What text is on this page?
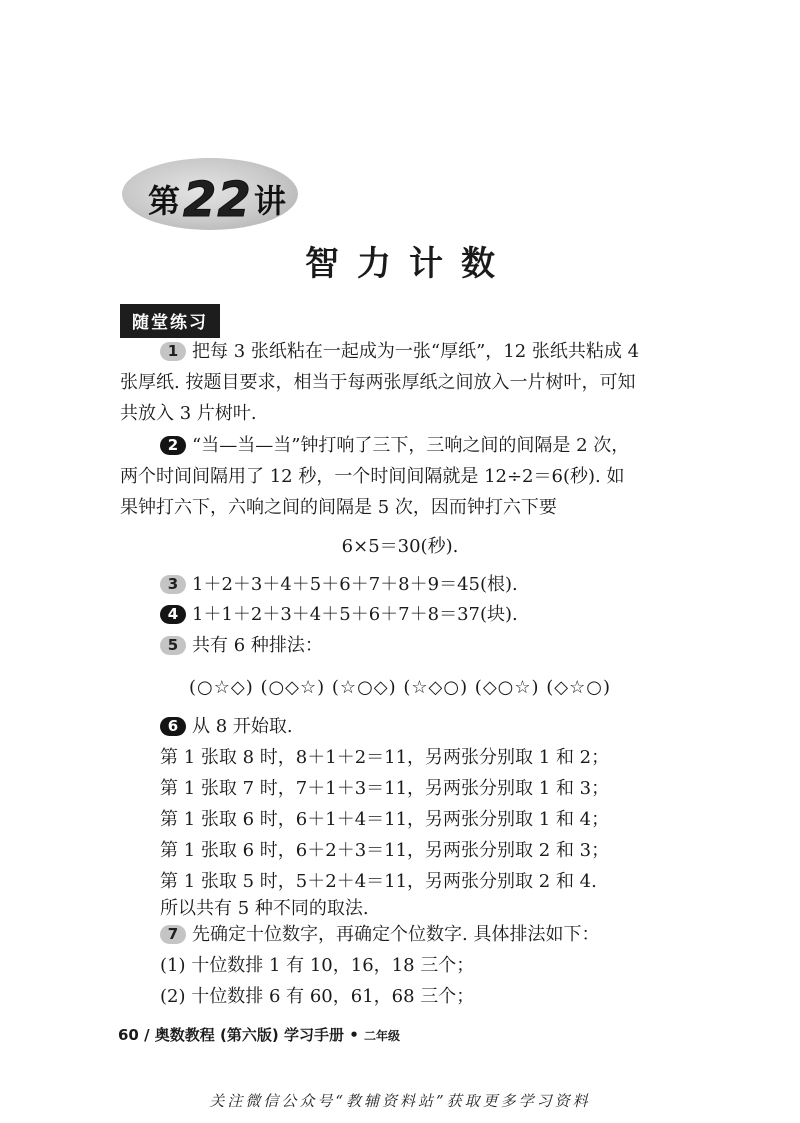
第22讲
智力计数
随堂练习
1 把每 3 张纸粘在一起成为一张“厚纸”，12 张纸共粘成 4
张厚纸. 按题目要求，相当于每两张厚纸之间放入一片树叶，可知
共放入 3 片树叶.
2 “当—当—当”钟打响了三下，三响之间的间隔是 2 次，
两个时间间隔用了 12 秒，一个时间间隔就是 12÷2＝6(秒). 如
果钟打六下，六响之间的间隔是 5 次，因而钟打六下要
6×5＝30(秒).
3 1＋2＋3＋4＋5＋6＋7＋8＋9＝45(根).
4 1＋1＋2＋3＋4＋5＋6＋7＋8＝37(块).
5 共有 6 种排法：
(○☆◇) (○◇☆) (☆○◇) (☆◇○) (◇○☆) (◇☆○)
6 从 8 开始取.
第 1 张取 8 时，8＋1＋2＝11，另两张分别取 1 和 2；
第 1 张取 7 时，7＋1＋3＝11，另两张分别取 1 和 3；
第 1 张取 6 时，6＋1＋4＝11，另两张分别取 1 和 4；
第 1 张取 6 时，6＋2＋3＝11，另两张分别取 2 和 3；
第 1 张取 5 时，5＋2＋4＝11，另两张分别取 2 和 4.
所以共有 5 种不同的取法.
7 先确定十位数字，再确定个位数字. 具体排法如下：
(1) 十位数排 1 有 10，16，18 三个；
(2) 十位数排 6 有 60，61，68 三个；
60 / 奥数教程 (第六版) 学习手册 • 二年级
关注微信公众号“教辅资料站”获取更多学习资料
